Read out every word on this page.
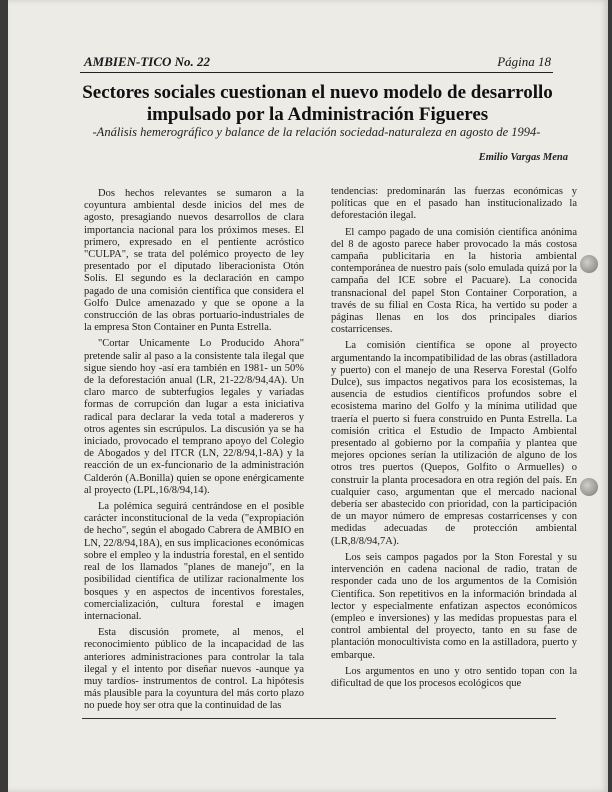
AMBIEN-TICO No. 22	Página 18
Sectores sociales cuestionan el nuevo modelo de desarrollo
impulsado por la Administración Figueres
-Análisis hemerográfico y balance de la relación sociedad-naturaleza en agosto de 1994-
Emilio Vargas Mena

Dos hechos relevantes se sumaron a la coyuntura ambiental desde inicios del mes de agosto, presagiando nuevos desarrollos de clara importancia nacional para los próximos meses. El primero, expresado en el pentiente acróstico "CULPA", se trata del polémico proyecto de ley presentado por el diputado liberacionista Otón Solís. El segundo es la declaración en campo pagado de una comisión científica que considera el Golfo Dulce amenazado y que se opone a la construcción de las obras portuario-industriales de la empresa Ston Container en Punta Estrella.

"Cortar Unicamente Lo Producido Ahora" pretende salir al paso a la consistente tala ilegal que sigue siendo hoy -así era también en 1981- un 50% de la deforestación anual (LR, 21-22/8/94,4A). Un claro marco de subterfugios legales y variadas formas de corrupción dan lugar a esta iniciativa radical para declarar la veda total a madereros y otros agentes sin escrúpulos. La discusión ya se ha iniciado, provocado el temprano apoyo del Colegio de Abogados y del ITCR (LN, 22/8/94,1-8A) y la reacción de un ex-funcionario de la administración Calderón (A.Bonilla) quien se opone enérgicamente al proyecto (LPL,16/8/94,14).

La polémica seguirá centrándose en el posible carácter inconstitucional de la veda ("expropiación de hecho", según el abogado Cabrera de AMBIO en LN, 22/8/94,18A), en sus implicaciones económicas sobre el empleo y la industria forestal, en el sentido real de los llamados "planes de manejo", en la posibilidad científica de utilizar racionalmente los bosques y en aspectos de incentivos forestales, comercialización, cultura forestal e imagen internacional.

Esta discusión promete, al menos, el reconocimiento público de la incapacidad de las anteriores administraciones para controlar la tala ilegal y el intento por diseñar nuevos -aunque ya muy tardíos- instrumentos de control. La hipótesis más plausible para la coyuntura del más corto plazo no puede hoy ser otra que la continuidad de las

tendencias: predominarán las fuerzas económicas y políticas que en el pasado han institucionalizado la deforestación ilegal.

El campo pagado de una comisión científica anónima del 8 de agosto parece haber provocado la más costosa campaña publicitaria en la historia ambiental contemporánea de nuestro país (solo emulada quizá por la campaña del ICE sobre el Pacuare). La conocida transnacional del papel Ston Container Corporation, a través de su filial en Costa Rica, ha vertido su poder a páginas llenas en los dos principales diarios costarricenses.

La comisión científica se opone al proyecto argumentando la incompatibilidad de las obras (astilladora y puerto) con el manejo de una Reserva Forestal (Golfo Dulce), sus impactos negativos para los ecosistemas, la ausencia de estudios científicos profundos sobre el ecosistema marino del Golfo y la mínima utilidad que traería el puerto si fuera construido en Punta Estrella. La comisión critica el Estudio de Impacto Ambiental presentado al gobierno por la compañía y plantea que mejores opciones serían la utilización de alguno de los otros tres puertos (Quepos, Golfito o Armuelles) o construir la planta procesadora en otra región del país. En cualquier caso, argumentan que el mercado nacional debería ser abastecido con prioridad, con la participación de un mayor número de empresas costarricenses y con medidas adecuadas de protección ambiental (LR,8/8/94,7A).

Los seis campos pagados por la Ston Forestal y su intervención en cadena nacional de radio, tratan de responder cada uno de los argumentos de la Comisión Científica. Son repetitivos en la información brindada al lector y especialmente enfatizan aspectos económicos (empleo e inversiones) y las medidas propuestas para el control ambiental del proyecto, tanto en su fase de plantación monocultivista como en la astilladora, puerto y embarque.

Los argumentos en uno y otro sentido topan con la dificultad de que los procesos ecológicos que
